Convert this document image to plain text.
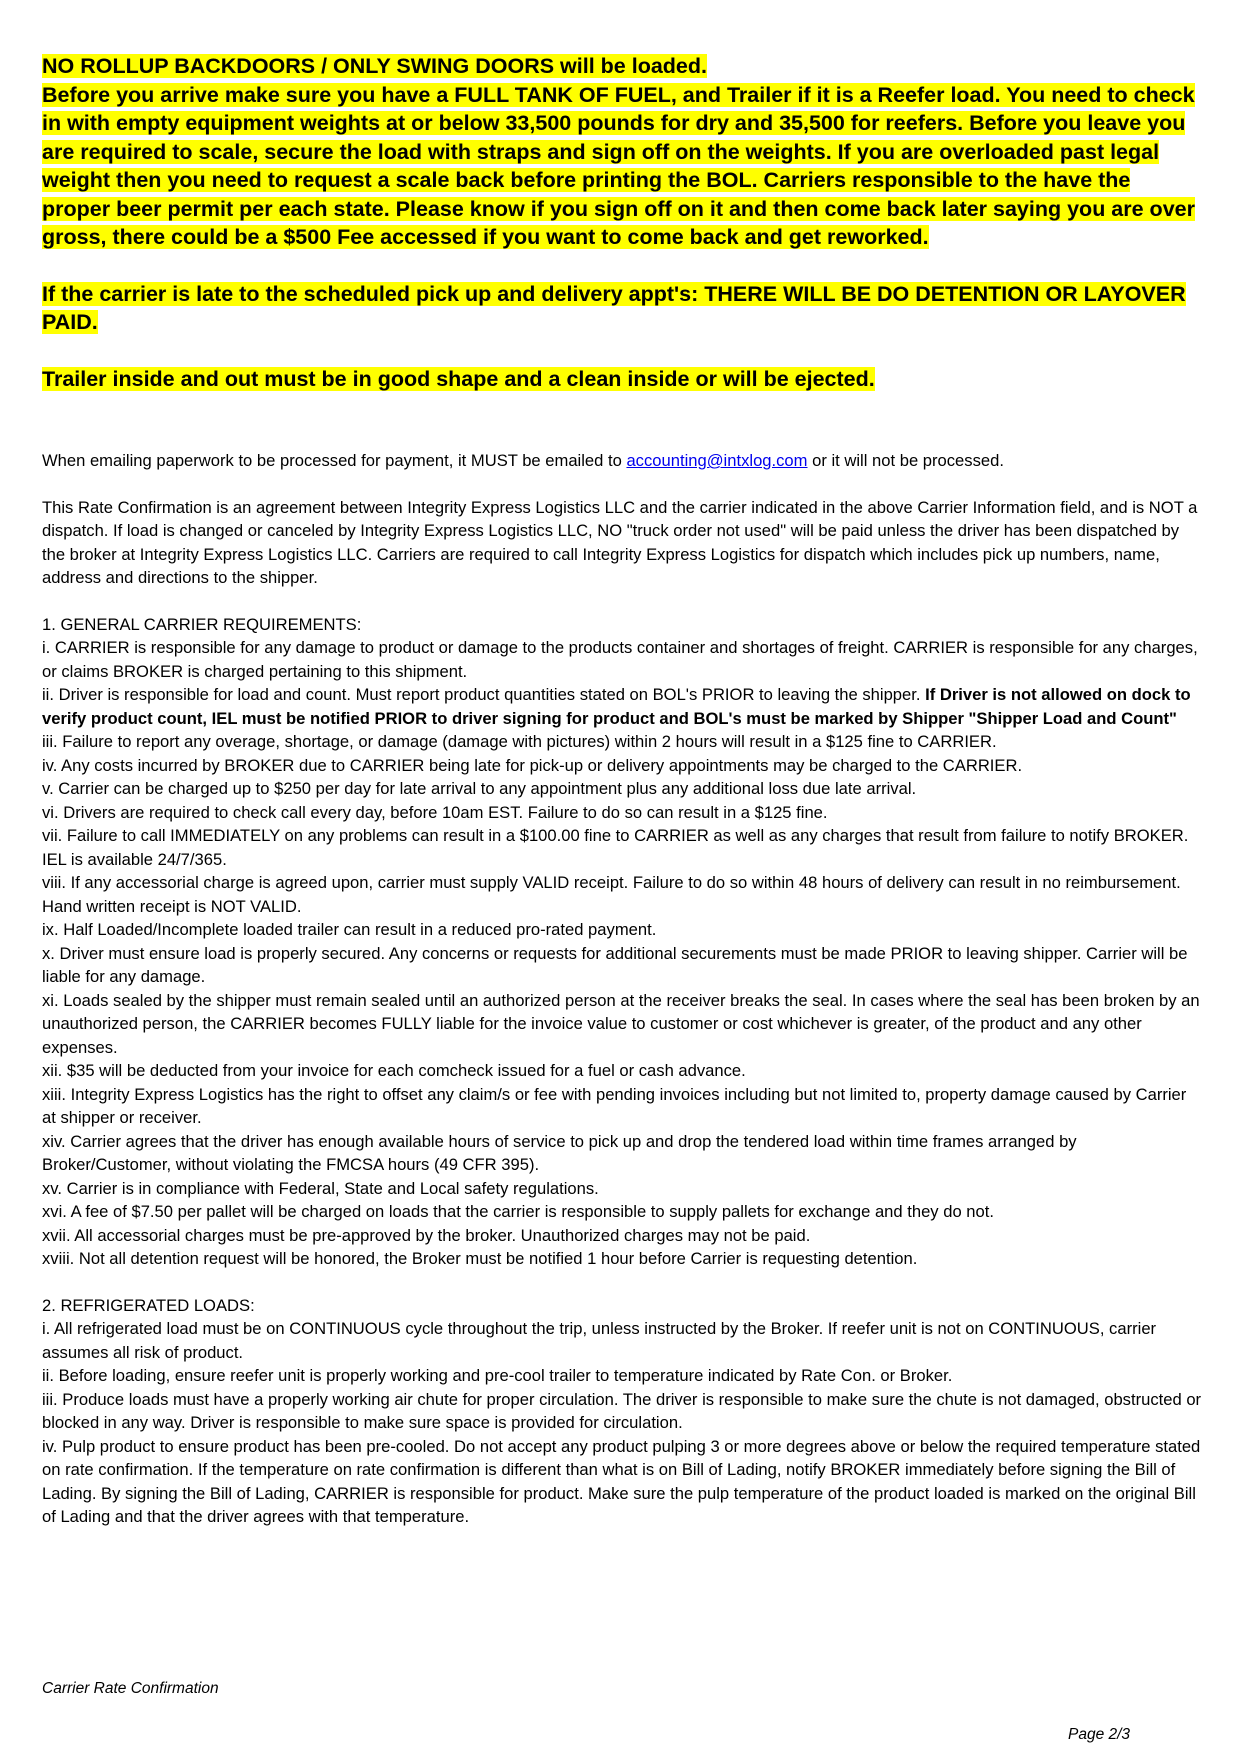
NO ROLLUP BACKDOORS / ONLY SWING DOORS will be loaded.

Before you arrive make sure you have a FULL TANK OF FUEL, and Trailer if it is a Reefer load. You need to check in with empty equipment weights at or below 33,500 pounds for dry and 35,500 for reefers. Before you leave you are required to scale, secure the load with straps and sign off on the weights. If you are overloaded past legal weight then you need to request a scale back before printing the BOL. Carriers responsible to the have the proper beer permit per each state. Please know if you sign off on it and then come back later saying you are over gross, there could be a $500 Fee accessed if you want to come back and get reworked.

If the carrier is late to the scheduled pick up and delivery appt's: THERE WILL BE DO DETENTION OR LAYOVER PAID.

Trailer inside and out must be in good shape and a clean inside or will be ejected.

When emailing paperwork to be processed for payment, it MUST be emailed to accounting@intxlog.com or it will not be processed.

This Rate Confirmation is an agreement between Integrity Express Logistics LLC and the carrier indicated in the above Carrier Information field, and is NOT a dispatch. If load is changed or canceled by Integrity Express Logistics LLC, NO "truck order not used" will be paid unless the driver has been dispatched by the broker at Integrity Express Logistics LLC. Carriers are required to call Integrity Express Logistics for dispatch which includes pick up numbers, name, address and directions to the shipper.

1. GENERAL CARRIER REQUIREMENTS:

i. CARRIER is responsible for any damage to product or damage to the products container and shortages of freight. CARRIER is responsible for any charges, or claims BROKER is charged pertaining to this shipment.

ii. Driver is responsible for load and count. Must report product quantities stated on BOL's PRIOR to leaving the shipper. If Driver is not allowed on dock to verify product count, IEL must be notified PRIOR to driver signing for product and BOL's must be marked by Shipper "Shipper Load and Count"

iii. Failure to report any overage, shortage, or damage (damage with pictures) within 2 hours will result in a $125 fine to CARRIER.

iv. Any costs incurred by BROKER due to CARRIER being late for pick-up or delivery appointments may be charged to the CARRIER.

v. Carrier can be charged up to $250 per day for late arrival to any appointment plus any additional loss due late arrival.

vi. Drivers are required to check call every day, before 10am EST. Failure to do so can result in a $125 fine.

vii. Failure to call IMMEDIATELY on any problems can result in a $100.00 fine to CARRIER as well as any charges that result from failure to notify BROKER. IEL is available 24/7/365.

viii. If any accessorial charge is agreed upon, carrier must supply VALID receipt. Failure to do so within 48 hours of delivery can result in no reimbursement. Hand written receipt is NOT VALID.

ix. Half Loaded/Incomplete loaded trailer can result in a reduced pro-rated payment.

x. Driver must ensure load is properly secured. Any concerns or requests for additional securements must be made PRIOR to leaving shipper. Carrier will be liable for any damage.

xi. Loads sealed by the shipper must remain sealed until an authorized person at the receiver breaks the seal. In cases where the seal has been broken by an unauthorized person, the CARRIER becomes FULLY liable for the invoice value to customer or cost whichever is greater, of the product and any other expenses.

xii. $35 will be deducted from your invoice for each comcheck issued for a fuel or cash advance.

xiii. Integrity Express Logistics has the right to offset any claim/s or fee with pending invoices including but not limited to, property damage caused by Carrier at shipper or receiver.

xiv. Carrier agrees that the driver has enough available hours of service to pick up and drop the tendered load within time frames arranged by Broker/Customer, without violating the FMCSA hours (49 CFR 395).

xv. Carrier is in compliance with Federal, State and Local safety regulations.

xvi. A fee of $7.50 per pallet will be charged on loads that the carrier is responsible to supply pallets for exchange and they do not.

xvii. All accessorial charges must be pre-approved by the broker. Unauthorized charges may not be paid.

xviii. Not all detention request will be honored, the Broker must be notified 1 hour before Carrier is requesting detention.

2. REFRIGERATED LOADS:

i. All refrigerated load must be on CONTINUOUS cycle throughout the trip, unless instructed by the Broker. If reefer unit is not on CONTINUOUS, carrier assumes all risk of product.

ii. Before loading, ensure reefer unit is properly working and pre-cool trailer to temperature indicated by Rate Con. or Broker.

iii. Produce loads must have a properly working air chute for proper circulation. The driver is responsible to make sure the chute is not damaged, obstructed or blocked in any way. Driver is responsible to make sure space is provided for circulation.

iv. Pulp product to ensure product has been pre-cooled. Do not accept any product pulping 3 or more degrees above or below the required temperature stated on rate confirmation. If the temperature on rate confirmation is different than what is on Bill of Lading, notify BROKER immediately before signing the Bill of Lading. By signing the Bill of Lading, CARRIER is responsible for product. Make sure the pulp temperature of the product loaded is marked on the original Bill of Lading and that the driver agrees with that temperature.

Carrier Rate Confirmation
Page 2/3
